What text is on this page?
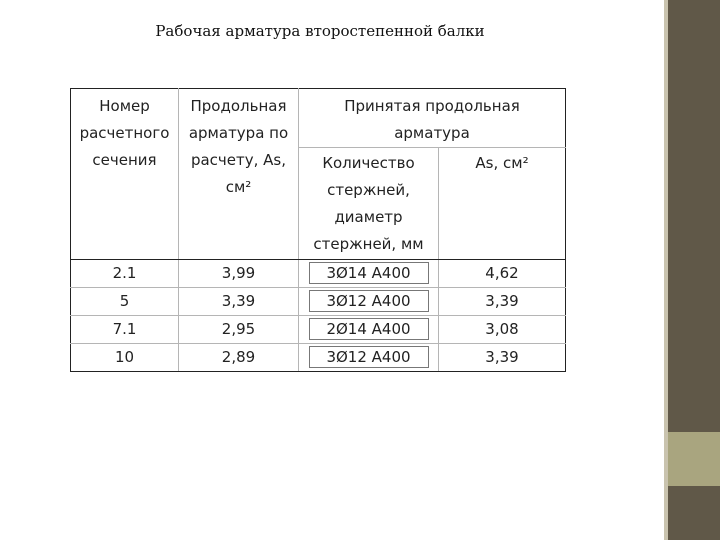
Рабочая арматура второстепенной балки
Номер расчетного сечения	Продольная арматура по расчету, As, см²	Принятая продольная арматура	
		Количество стержней, диаметр стержней, мм	As, см²
2.1	3,99	3Ø14 А400	4,62
5	3,39	3Ø12 А400	3,39
7.1	2,95	2Ø14 А400	3,08
10	2,89	3Ø12 А400	3,39
